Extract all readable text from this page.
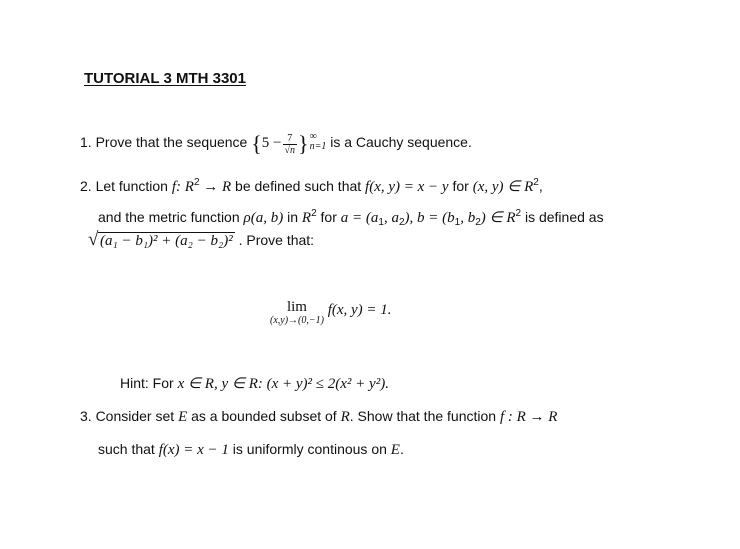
TUTORIAL 3 MTH 3301
1. Prove that the sequence {$5 - \frac{7}{√n}$ } ∞
n=1 is a Cauchy sequence.
2. Let function f: $R^2 \to R$ be defined such that f(x, y) = x − y for (x, y) ∈ $R^2$,
and the metric function ρ(a, b) in $R^2$ for $a = (a_1$, $a_2$), $b = (b_1$, $b_2$) ∈ $R^2$ is defined as
√ (a₁ − b₁)² + (a₂ − b₂)² . Prove that:
lim
(x,y)→(0,−1)
f(x, y) = 1.
Hint: For x ∈ R, y ∈ R: (x + y)² ≤ 2(x² + y²).
3. Consider set E as a bounded subset of R. Show that the function f : R → R
such that f(x) = x − 1 is uniformly continous on E.
